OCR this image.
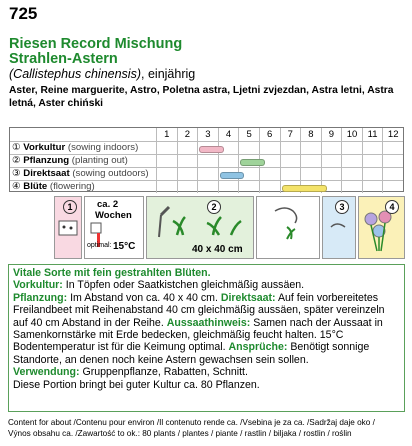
725
Riesen Record Mischung
Strahlen-Astern
(Callistephus chinensis), einjährig
Aster, Reine marguerite, Astro, Poletna astra, Ljetni zvjezdan, Astra letni, Astra letná, Aster chiński
1	2	3	4	5	6	7	8	9	10	11	12
① Vorkultur (sowing indoors)
② Pflanzung (planting out)
③ Direktsaat (sowing outdoors)
④ Blüte (flowering)
1	ca. 2
Wochen
optimal: 15°C
2
40 x 40 cm
3	4
Vitale Sorte mit fein gestrahlten Blüten.
Vorkultur: In Töpfen oder Saatkistchen gleichmäßig aussäen.
Pflanzung: Im Abstand von ca. 40 x 40 cm. Direktsaat: Auf fein vorbereitetes Freilandbeet mit Reihenabstand 40 cm gleichmäßig aussäen, später vereinzeln auf 40 cm Abstand in der Reihe. Aussaathinweis: Samen nach der Aussaat in Samenkornstärke mit Erde bedecken, gleichmäßig feucht halten. 15°C Bodentemperatur ist für die Keimung optimal. Ansprüche: Benötigt sonnige Standorte, an denen noch keine Astern gewachsen sein sollen.
Verwendung: Gruppenpflanze, Rabatten, Schnitt.
Diese Portion bringt bei guter Kultur ca. 80 Pflanzen.
Content for about /Contenu pour environ /Il contenuto rende ca. /Vsebina je za ca. /Sadržaj daje oko /
Výnos obsahu ca. /Zawartość to ok.: 80 plants / plantes / piante / rastlin / biljaka / rostlin / roślin
